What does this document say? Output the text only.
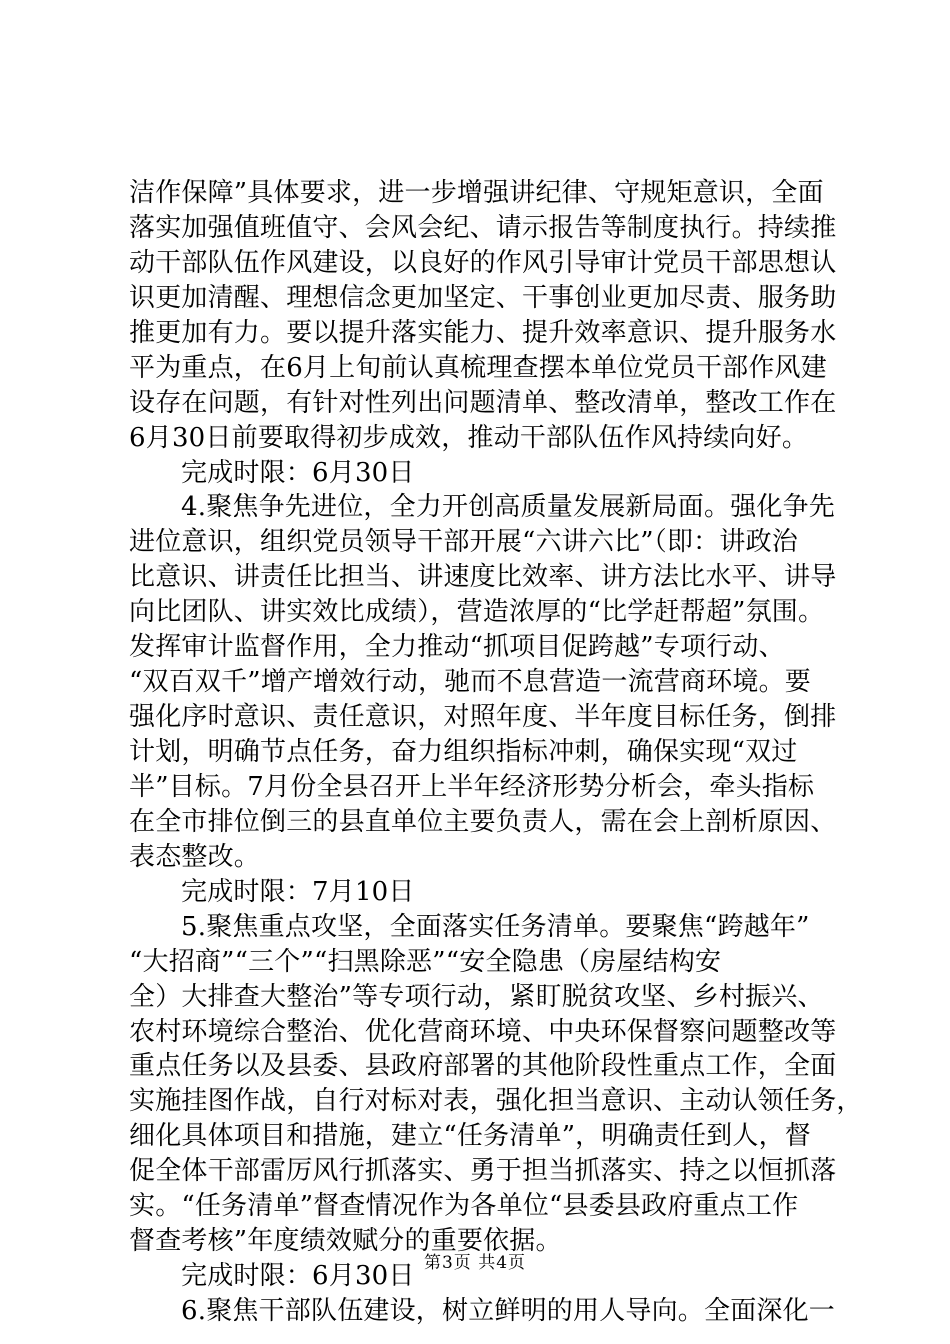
洁作保障”具体要求，进一步增强讲纪律、守规矩意识，全面
落实加强值班值守、会风会纪、请示报告等制度执行。持续推
动干部队伍作风建设，以良好的作风引导审计党员干部思想认
识更加清醒、理想信念更加坚定、干事创业更加尽责、服务助
推更加有力。要以提升落实能力、提升效率意识、提升服务水
平为重点，在6月上旬前认真梳理查摆本单位党员干部作风建
设存在问题，有针对性列出问题清单、整改清单，整改工作在
6月30日前要取得初步成效，推动干部队伍作风持续向好。
完成时限：6月30日
4.聚焦争先进位，全力开创高质量发展新局面。强化争先
进位意识，组织党员领导干部开展“六讲六比”（即：讲政治
比意识、讲责任比担当、讲速度比效率、讲方法比水平、讲导
向比团队、讲实效比成绩），营造浓厚的“比学赶帮超”氛围。
发挥审计监督作用，全力推动“抓项目促跨越”专项行动、
“双百双千”增产增效行动，驰而不息营造一流营商环境。要
强化序时意识、责任意识，对照年度、半年度目标任务，倒排
计划，明确节点任务，奋力组织指标冲刺，确保实现“双过
半”目标。7月份全县召开上半年经济形势分析会，牵头指标
在全市排位倒三的县直单位主要负责人，需在会上剖析原因、
表态整改。
完成时限：7月10日
5.聚焦重点攻坚，全面落实任务清单。要聚焦“跨越年”
“大招商”“三个”“扫黑除恶”“安全隐患（房屋结构安
全）大排查大整治”等专项行动，紧盯脱贫攻坚、乡村振兴、
农村环境综合整治、优化营商环境、中央环保督察问题整改等
重点任务以及县委、县政府部署的其他阶段性重点工作，全面
实施挂图作战，自行对标对表，强化担当意识、主动认领任务，
细化具体项目和措施，建立“任务清单”，明确责任到人，督
促全体干部雷厉风行抓落实、勇于担当抓落实、持之以恒抓落
实。“任务清单”督查情况作为各单位“县委县政府重点工作
督查考核”年度绩效赋分的重要依据。
完成时限：6月30日
6.聚焦干部队伍建设，树立鲜明的用人导向。全面深化一
第3页 共4页
